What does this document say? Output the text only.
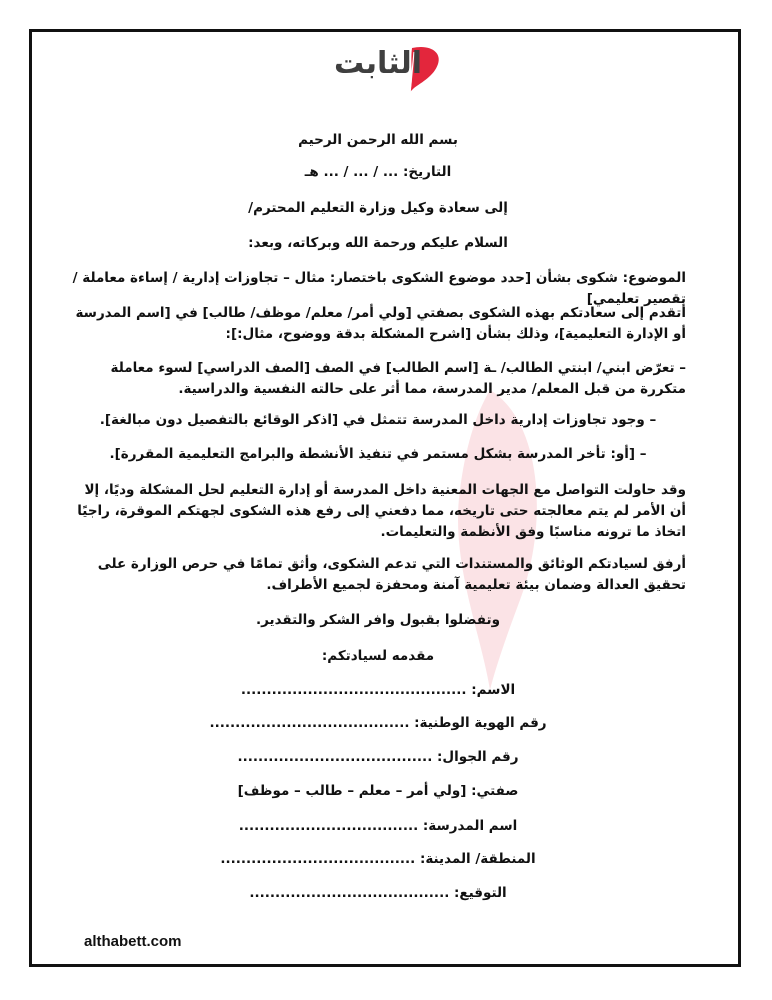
الثابت
بسم الله الرحمن الرحيم
التاريخ: ... / ... / ... هـ
إلى سعادة وكيل وزارة التعليم المحترم/
السلام عليكم ورحمة الله وبركاته، وبعد:
الموضوع: شكوى بشأن [حدد موضوع الشكوى باختصار: مثال – تجاوزات إدارية / إساءة معاملة / تقصير تعليمي]
أتقدم إلى سعادتكم بهذه الشكوى بصفتي [ولي أمر/ معلم/ موظف/ طالب] في [اسم المدرسة أو الإدارة التعليمية]، وذلك بشأن [اشرح المشكلة بدقة ووضوح، مثال:]:
– تعرّض ابني/ ابنتي الطالب/ ـة [اسم الطالب] في الصف [الصف الدراسي] لسوء معاملة متكررة من قبل المعلم/ مدير المدرسة، مما أثر على حالته النفسية والدراسية.
– وجود تجاوزات إدارية داخل المدرسة تتمثل في [اذكر الوقائع بالتفصيل دون مبالغة].
– [أو: تأخر المدرسة بشكل مستمر في تنفيذ الأنشطة والبرامج التعليمية المقررة].
وقد حاولت التواصل مع الجهات المعنية داخل المدرسة أو إدارة التعليم لحل المشكلة وديًا، إلا أن الأمر لم يتم معالجته حتى تاريخه، مما دفعني إلى رفع هذه الشكوى لجهتكم الموقرة، راجيًا اتخاذ ما ترونه مناسبًا وفق الأنظمة والتعليمات.
أرفق لسيادتكم الوثائق والمستندات التي تدعم الشكوى، وأثق تمامًا في حرص الوزارة على تحقيق العدالة وضمان بيئة تعليمية آمنة ومحفزة لجميع الأطراف.
وتفضلوا بقبول وافر الشكر والتقدير.
مقدمه لسيادتكم:
الاسم: ............................................
رقم الهوية الوطنية: .......................................
رقم الجوال: ......................................
صفتي: [ولي أمر – معلم – طالب – موظف]
اسم المدرسة: ...................................
المنطقة/ المدينة: ......................................
التوقيع: .......................................
althabett.com
